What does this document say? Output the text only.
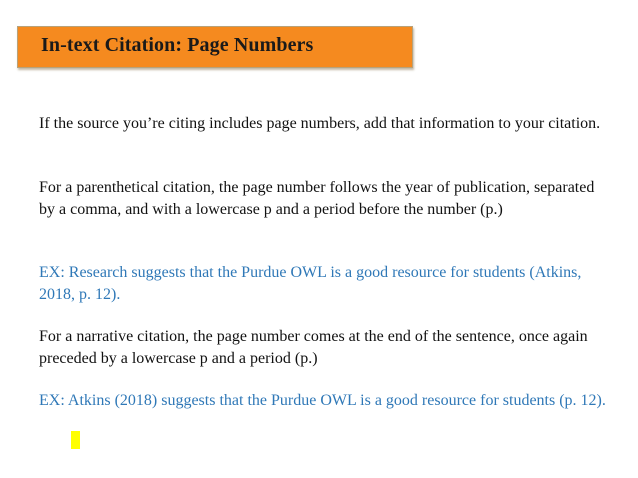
In-text Citation: Page Numbers

If the source you’re citing includes page numbers, add that information to your citation.

For a parenthetical citation, the page number follows the year of publication, separated by a comma, and with a lowercase p and a period before the number (p.)

EX: Research suggests that the Purdue OWL is a good resource for students (Atkins, 2018, p. 12).

For a narrative citation, the page number comes at the end of the sentence, once again preceded by a lowercase p and a period (p.)

EX: Atkins (2018) suggests that the Purdue OWL is a good resource for students (p. 12).
